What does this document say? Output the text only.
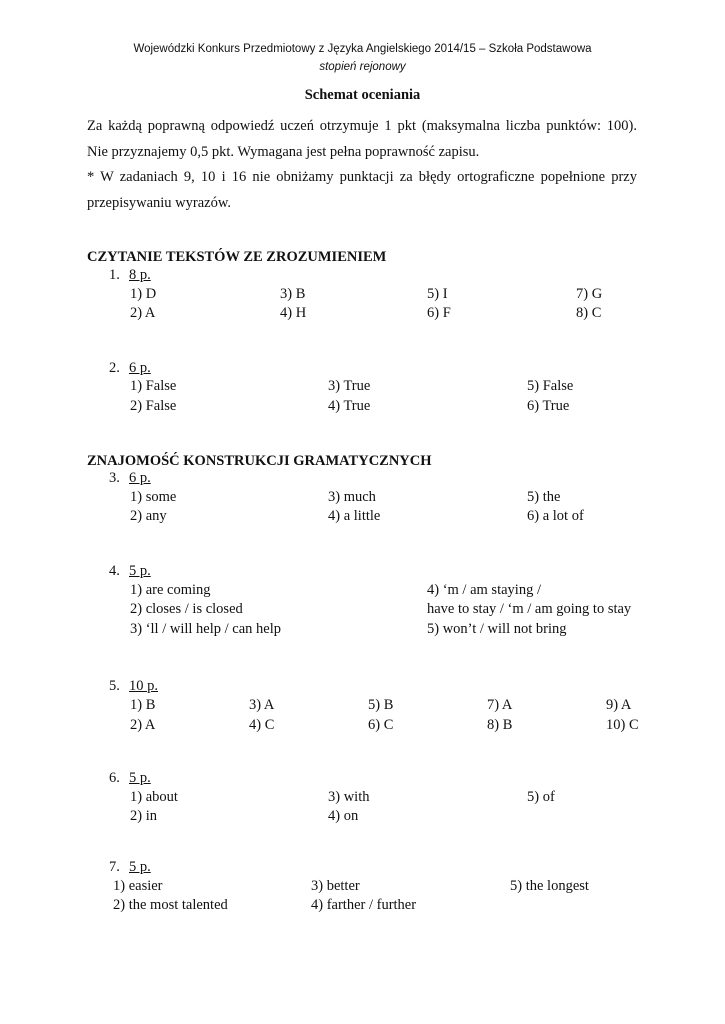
Wojewódzki Konkurs Przedmiotowy z Języka Angielskiego 2014/15 – Szkoła Podstawowa
stopień rejonowy
Schemat oceniania

Za każdą poprawną odpowiedź uczeń otrzymuje 1 pkt (maksymalna liczba punktów: 100).

Nie przyznajemy 0,5 pkt. Wymagana jest pełna poprawność zapisu.

* W zadaniach 9, 10 i 16 nie obniżamy punktacji za błędy ortograficzne popełnione przy

przepisywaniu wyrazów.

CZYTANIE TEKSTÓW ZE ZROZUMIENIEM
1. 8 p.
1) D
2) A
3) B
4) H
5) I
6) F
7) G
8) C
2. 6 p.
1) False
2) False
3) True
4) True
5) False
6) True
ZNAJOMOŚĆ KONSTRUKCJI GRAMATYCZNYCH
3. 6 p.
1) some
2) any
3) much
4) a little
5) the
6) a lot of
4. 5 p.
1) are coming
2) closes / is closed
3) ‘ll / will help / can help
4) ‘m / am staying /
have to stay / ‘m / am going to stay
5) won’t / will not bring
5. 10 p.
1) B
2) A
3) A
4) C
5) B
6) C
7) A
8) B
9) A
10) C
6. 5 p.
1) about
2) in
3) with
4) on
5) of
7. 5 p.
1) easier
2) the most talented
3) better
4) farther / further
5) the longest
